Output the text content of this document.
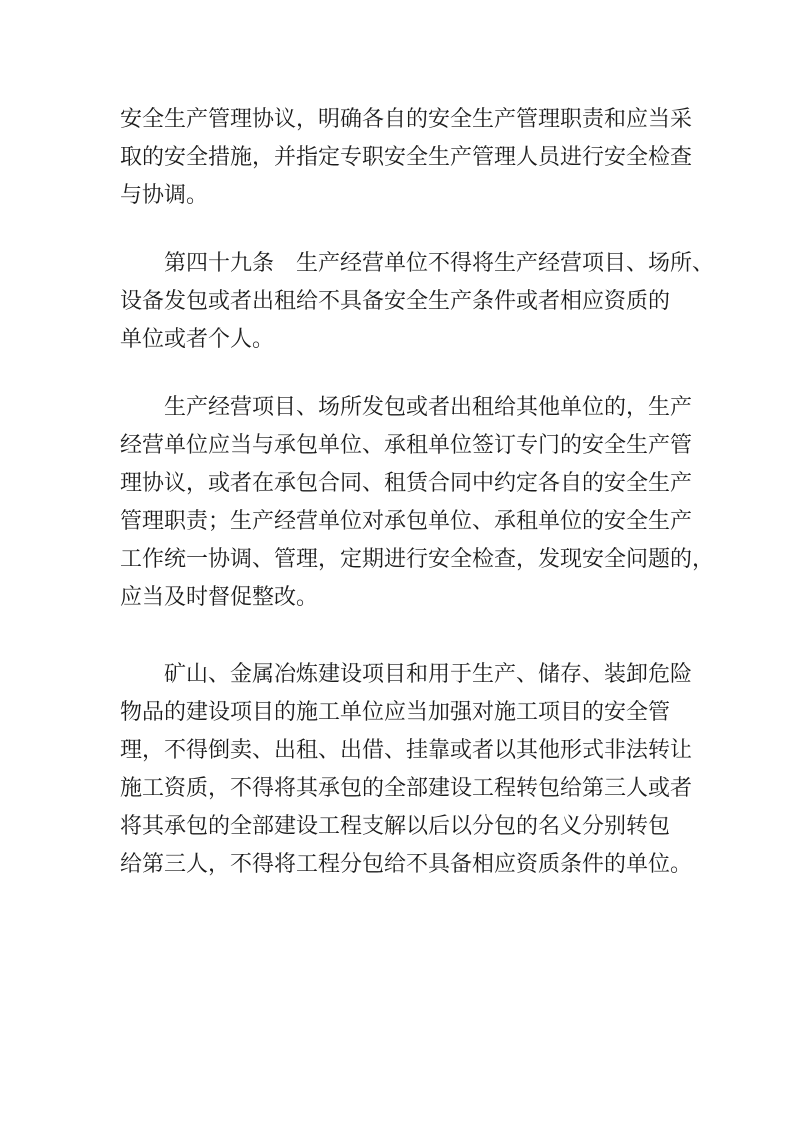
安全生产管理协议，明确各自的安全生产管理职责和应当采
取的安全措施，并指定专职安全生产管理人员进行安全检查
与协调。
第四十九条 生产经营单位不得将生产经营项目、场所、
设备发包或者出租给不具备安全生产条件或者相应资质的
单位或者个人。
生产经营项目、场所发包或者出租给其他单位的，生产
经营单位应当与承包单位、承租单位签订专门的安全生产管
理协议，或者在承包合同、租赁合同中约定各自的安全生产
管理职责；生产经营单位对承包单位、承租单位的安全生产
工作统一协调、管理，定期进行安全检查，发现安全问题的，
应当及时督促整改。
矿山、金属冶炼建设项目和用于生产、储存、装卸危险
物品的建设项目的施工单位应当加强对施工项目的安全管
理，不得倒卖、出租、出借、挂靠或者以其他形式非法转让
施工资质，不得将其承包的全部建设工程转包给第三人或者
将其承包的全部建设工程支解以后以分包的名义分别转包
给第三人，不得将工程分包给不具备相应资质条件的单位。
